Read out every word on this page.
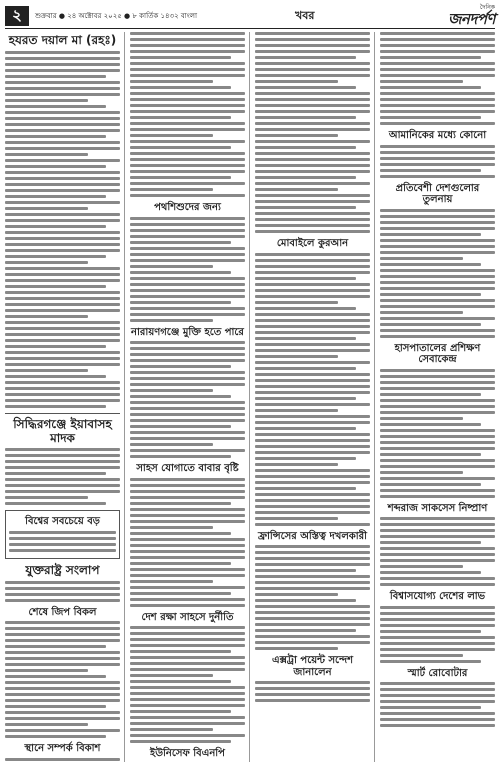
২	শুক্রবার ● ২৪ অক্টোবর ২০২৫ ● ৮ কার্তিক ১৪৩২ বাংলা	খবর
দৈনিক
জনদর্পণ
হযরত দয়াল মা (রহঃ)
সিদ্ধিরগঞ্জে ইয়াবাসহ মাদক
বিশ্বের সবচেয়ে বড়
যুক্তরাষ্ট্র সংলাপ
শেষে জিপ বিকল
স্থানে সম্পর্ক বিকাশ
পথশিশুদের জন্য
নারায়ণগঞ্জে মুক্তি হতে পারে
সাহস যোগাতে বাবার বৃষ্টি
দেশ রক্ষা সাহসে দুর্নীতি
ইউনিসেফ বিএনপি
মোবাইলে কুরআন
ফ্রান্সিসের অস্তিত্ব দখলকারী
এক্সট্রা পয়েন্ট সন্দেশ জানালেন
আমানিকের মধ্যে কোনো
প্রতিবেশী দেশগুলোর তুলনায়
হাসপাতালের প্রশিক্ষণ সেবাকেন্দ্র
শব্দরাজ সাকসেস নিষ্প্রাণ
বিশ্বাসযোগ্য দেশের লাভ
স্মার্ট রোবোটার
